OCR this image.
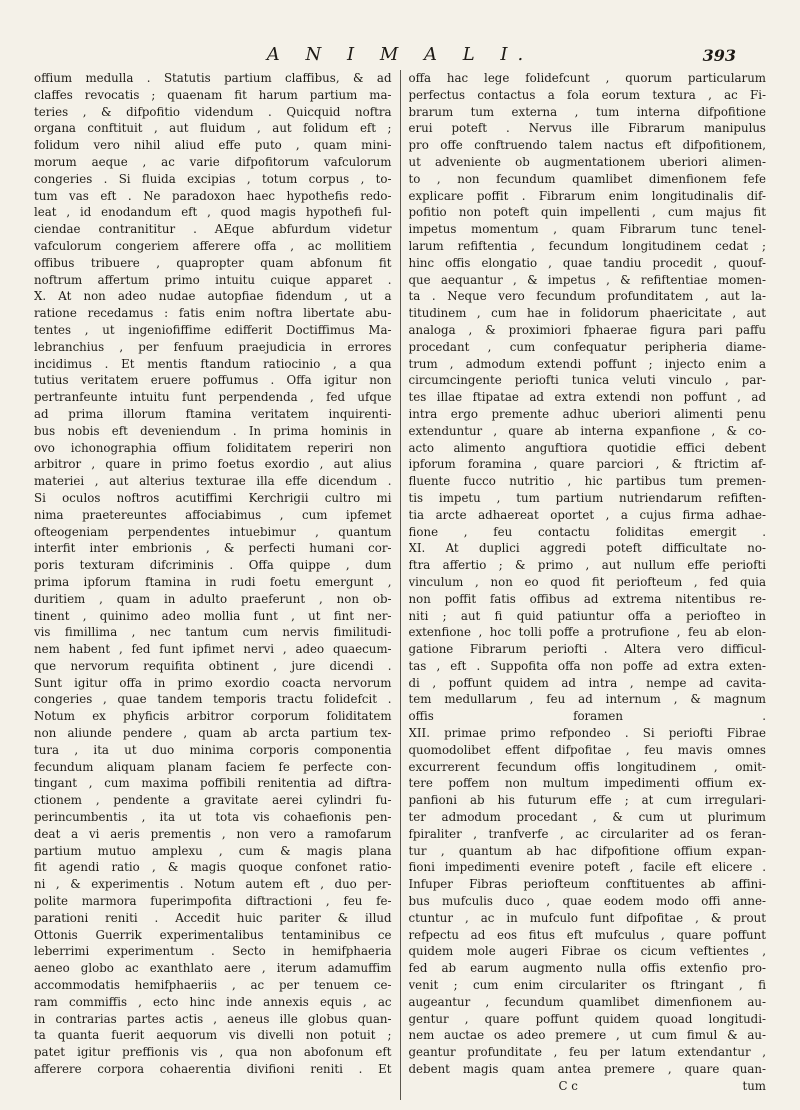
A N I M A L I.	393
offium medulla . Statutis partium claffibus, & ad
claffes revocatis ; quaenam fit harum partium ma-
teries , & difpofitio videndum . Quicquid noftra
organa conftituit , aut fluidum , aut folidum eft ;
folidum vero nihil aliud effe puto , quam mini-
morum aeque , ac varie difpofitorum vafculorum
congeries . Si fluida excipias , totum corpus , to-
tum vas eft . Ne paradoxon haec hypothefis redo-
leat , id enodandum eft , quod magis hypothefi ful-
ciendae contranititur . AEque abfurdum videtur
vafculorum congeriem afferere offa , ac mollitiem
offibus tribuere , quapropter quam abfonum fit
noftrum affertum primo intuitu cuique apparet .
X. At non adeo nudae autopfiae fidendum , ut a
ratione recedamus : fatis enim noftra libertate abu-
tentes , ut ingeniofiffime edifferit Doctiffimus Ma-
lebranchius , per fenfuum praejudicia in errores
incidimus . Et mentis ftandum ratiocinio , a qua
tutius veritatem eruere poffumus . Offa igitur non
pertranfeunte intuitu funt perpendenda , fed ufque
ad prima illorum ftamina veritatem inquirenti-
bus nobis eft deveniendum . In prima hominis in
ovo ichonographia offium foliditatem reperiri non
arbitror , quare in primo foetus exordio , aut alius
materiei , aut alterius texturae illa effe dicendum .
Si oculos noftros acutiffimi Kerchrigii cultro mi
nima praetereuntes affociabimus , cum ipfemet
ofteogeniam perpendentes intuebimur , quantum
interfit inter embrionis , & perfecti humani cor-
poris texturam difcriminis . Offa quippe , dum
prima ipforum ftamina in rudi foetu emergunt ,
duritiem , quam in adulto praeferunt , non ob-
tinent , quinimo adeo mollia funt , ut fint ner-
vis fimillima , nec tantum cum nervis fimilitudi-
nem habent , fed funt ipfimet nervi , adeo quaecum-
que nervorum requifita obtinent , jure dicendi .
Sunt igitur offa in primo exordio coacta nervorum
congeries , quae tandem temporis tractu folidefcit .
Notum ex phyficis arbitror corporum foliditatem
non aliunde pendere , quam ab arcta partium tex-
tura , ita ut duo minima corporis componentia
fecundum aliquam planam faciem fe perfecte con-
tingant , cum maxima poffibili renitentia ad diftra-
ctionem , pendente a gravitate aerei cylindri fu-
perincumbentis , ita ut tota vis cohaefionis pen-
deat a vi aeris prementis , non vero a ramofarum
partium mutuo amplexu , cum & magis plana
fit agendi ratio , & magis quoque confonet ratio-
ni , & experimentis . Notum autem eft , duo per-
polite marmora fuperimpofita diftractioni , feu fe-
parationi reniti . Accedit huic pariter & illud
Ottonis Guerrik experimentalibus tentaminibus ce
leberrimi experimentum . Secto in hemifphaeria
aeneo globo ac exanthlato aere , iterum adamuffim
accommodatis hemifphaeriis , ac per tenuem ce-
ram commiffis , ecto hinc inde annexis equis , ac
in contrarias partes actis , aeneus ille globus quan-
ta quanta fuerit aequorum vis divelli non potuit ;
patet igitur preffionis vis , qua non abofonum eft
afferere corpora cohaerentia divifioni reniti . Et
offa hac lege folidefcunt , quorum particularum
perfectus contactus a fola eorum textura , ac Fi-
brarum tum externa , tum interna difpofitione
erui poteft . Nervus ille Fibrarum manipulus
pro offe conftruendo talem nactus eft difpofitionem,
ut adveniente ob augmentationem uberiori alimen-
to , non fecundum quamlibet dimenfionem fefe
explicare poffit . Fibrarum enim longitudinalis dif-
pofitio non poteft quin impellenti , cum majus fit
impetus momentum , quam Fibrarum tunc tenel-
larum refiftentia , fecundum longitudinem cedat ;
hinc offis elongatio , quae tandiu procedit , quouf-
que aequantur , & impetus , & refiftentiae momen-
ta . Neque vero fecundum profunditatem , aut la-
titudinem , cum hae in folidorum phaericitate , aut
analoga , & proximiori fphaerae figura pari paffu
procedant , cum confequatur peripheria diame-
trum , admodum extendi poffunt ; injecto enim a
circumcingente periofti tunica veluti vinculo , par-
tes illae ftipatae ad extra extendi non poffunt , ad
intra ergo premente adhuc uberiori alimenti penu
extenduntur , quare ab interna expanfione , & co-
acto alimento anguftiora quotidie effici debent
ipforum foramina , quare parciori , & ftrictim af-
fluente fucco nutritio , hic partibus tum premen-
tis impetu , tum partium nutriendarum refiften-
tia arcte adhaereat oportet , a cujus firma adhae-
fione , feu contactu foliditas emergit .
XI. At duplici aggredi poteft difficultate no-
ftra affertio ; & primo , aut nullum effe periofti
vinculum , non eo quod fit periofteum , fed quia
non poffit fatis offibus ad extrema nitentibus re-
niti ; aut fi quid patiuntur offa a periofteo in
extenfione , hoc tolli poffe a protrufione , feu ab elon-
gatione Fibrarum periofti . Altera vero difficul-
tas , eft . Suppofita offa non poffe ad extra exten-
di , poffunt quidem ad intra , nempe ad cavita-
tem medullarum , feu ad internum , & magnum
offis foramen .
XII. primae primo refpondeo . Si periofti Fibrae
quomodolibet effent difpofitae , feu mavis omnes
excurrerent fecundum offis longitudinem , omit-
tere poffem non multum impedimenti offium ex-
panfioni ab his futurum effe ; at cum irregulari-
ter admodum procedant , & cum ut plurimum
fpiraliter , tranfverfe , ac circulariter ad os feran-
tur , quantum ab hac difpofitione offium expan-
fioni impedimenti evenire poteft , facile eft elicere .
Infuper Fibras periofteum conftituentes ab affini-
bus mufculis duco , quae eodem modo offi anne-
ctuntur , ac in mufculo funt difpofitae , & prout
refpectu ad eos fitus eft mufculus , quare poffunt
quidem mole augeri Fibrae os cicum veftientes ,
fed ab earum augmento nulla offis extenfio pro-
venit ; cum enim circulariter os ftringant , fi
augeantur , fecundum quamlibet dimenfionem au-
gentur , quare poffunt quidem quoad longitudi-
nem auctae os adeo premere , ut cum fimul & au-
geantur profunditate , feu per latum extendantur ,
debent magis quam antea premere , quare quan-
C c	tum
